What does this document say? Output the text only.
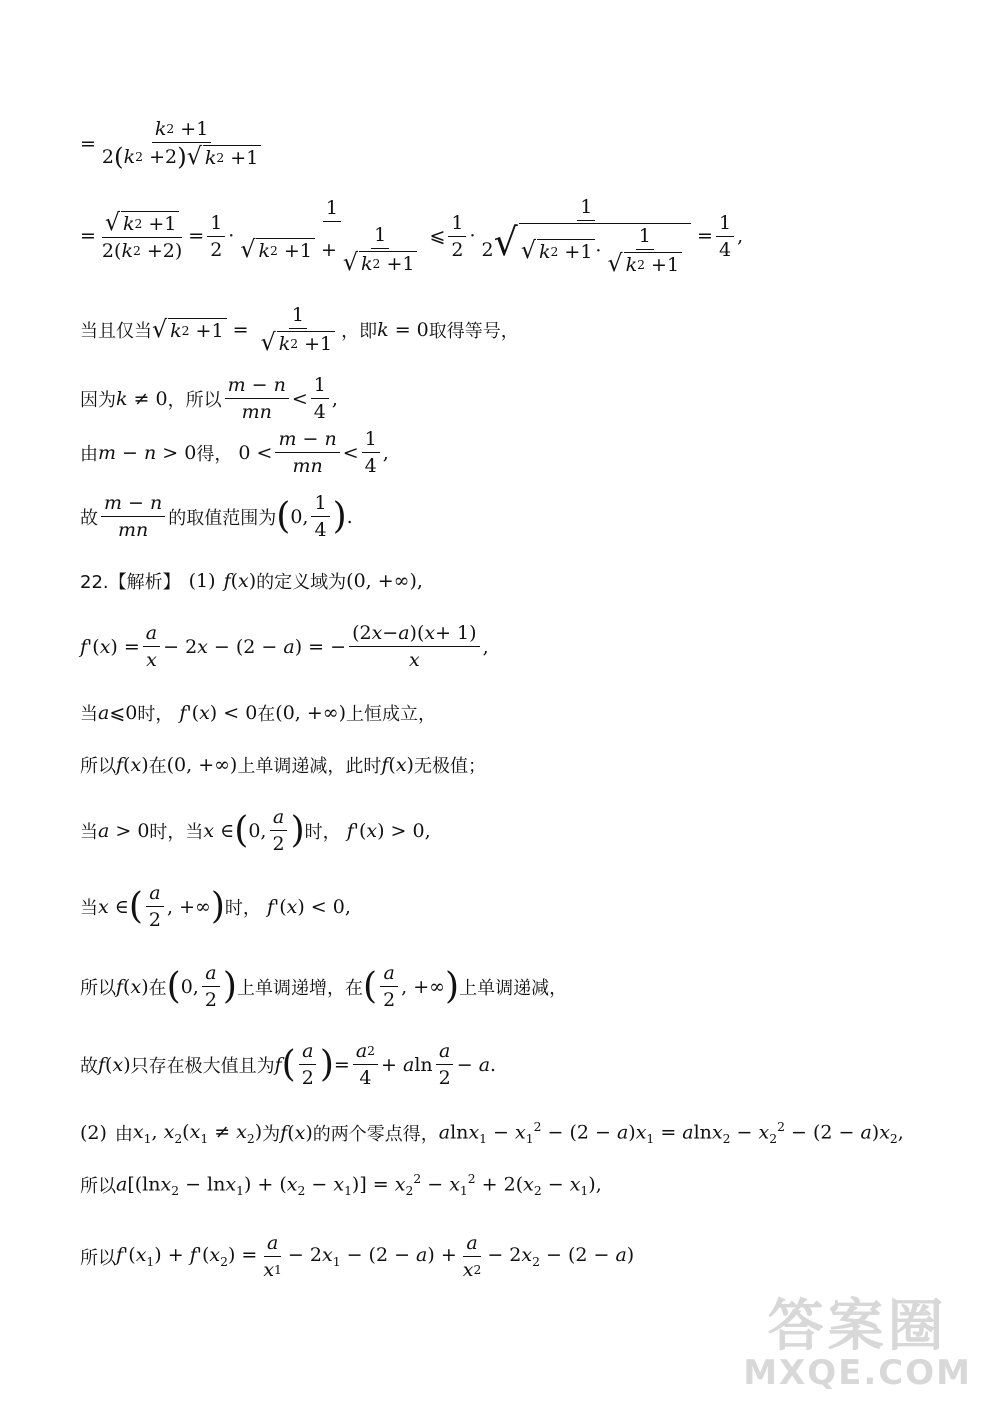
= $\frac{k 2 +1}{2 ( k 2 +2 ) √ k 2 +1}$
= $\frac{√ k 2 +1}{2( k 2 +2)} = \frac{1}{2} \cdot \frac{1}{√ k 2 +1 + \frac{1}{√ k 2 +1}}$ ⩽ $\frac{1}{2} \cdot \frac{1}{2 √ √ k 2 +1 \cdot \frac{1}{√ k 2 +1}} = \frac{1}{4}$ ,
当且仅当 √ k $2 +1 = \frac{1}{√ k 2 +1}$ ，即 k = 0 取得等号，
因为 k ≠ 0 ，所以 $\frac{m - n}{mn} < \frac{1}{4}$ ,
由 m − n > 0 得， $0 < \frac{m - n}{mn} < \frac{1}{4}$ ,
故 $\frac{m - n}{mn}$ 的取值范围为 ( 0, $\frac{1}{4}$ ) .
22.【解析】 (1) f(x) 的定义域为 (0, +∞),
$f'(x) = \frac{a}{x} - 2x - (2 - a)$ = − $\frac{(2 x - a )( x + 1)}{x}$ ,
当 a⩽0 时， f'(x) < 0 在 (0, +∞) 上恒成立，
所以 f(x) 在 (0, +∞) 上单调递减，此时 f(x) 无极值；
当 a > 0 时，当 x ∈ ( 0, $\frac{a}{2}$ ) 时， f'(x) > 0,
当 x ∈ ( $\frac{a}{2}$ , +∞ ) 时， f'(x) < 0,
所以 f(x) 在 ( 0, $\frac{a}{2}$ ) 上单调递增，在 ( $\frac{a}{2}$ , +∞ ) 上单调递减，
故 f(x) 只存在极大值且为 f ( $\frac{a}{2}$ ) = $\frac{a 2}{4} + aln \frac{a}{2} - a$.
(2) 由 $x_1$, $x_2(x_1 \ne x_2)$ 为 f(x) 的两个零点得， $alnx_1 - x_1^2 - (2 - a)x_1 = alnx_2 - x_2^2 - (2 - a)x_2$,
所以 $a[(\ln x_2 - \ln x_1) + (x_2 - x_1)] = x_2^2 - x_1^2 + 2(x_2 - x_1)$,
所以 $f'(x_1) + f'(x_2) = \frac{a}{x 1} - 2x_1 - (2 - a) + \frac{a}{x 2} - 2x_2 - (2 - a)$
答案圈
MXQE.COM
